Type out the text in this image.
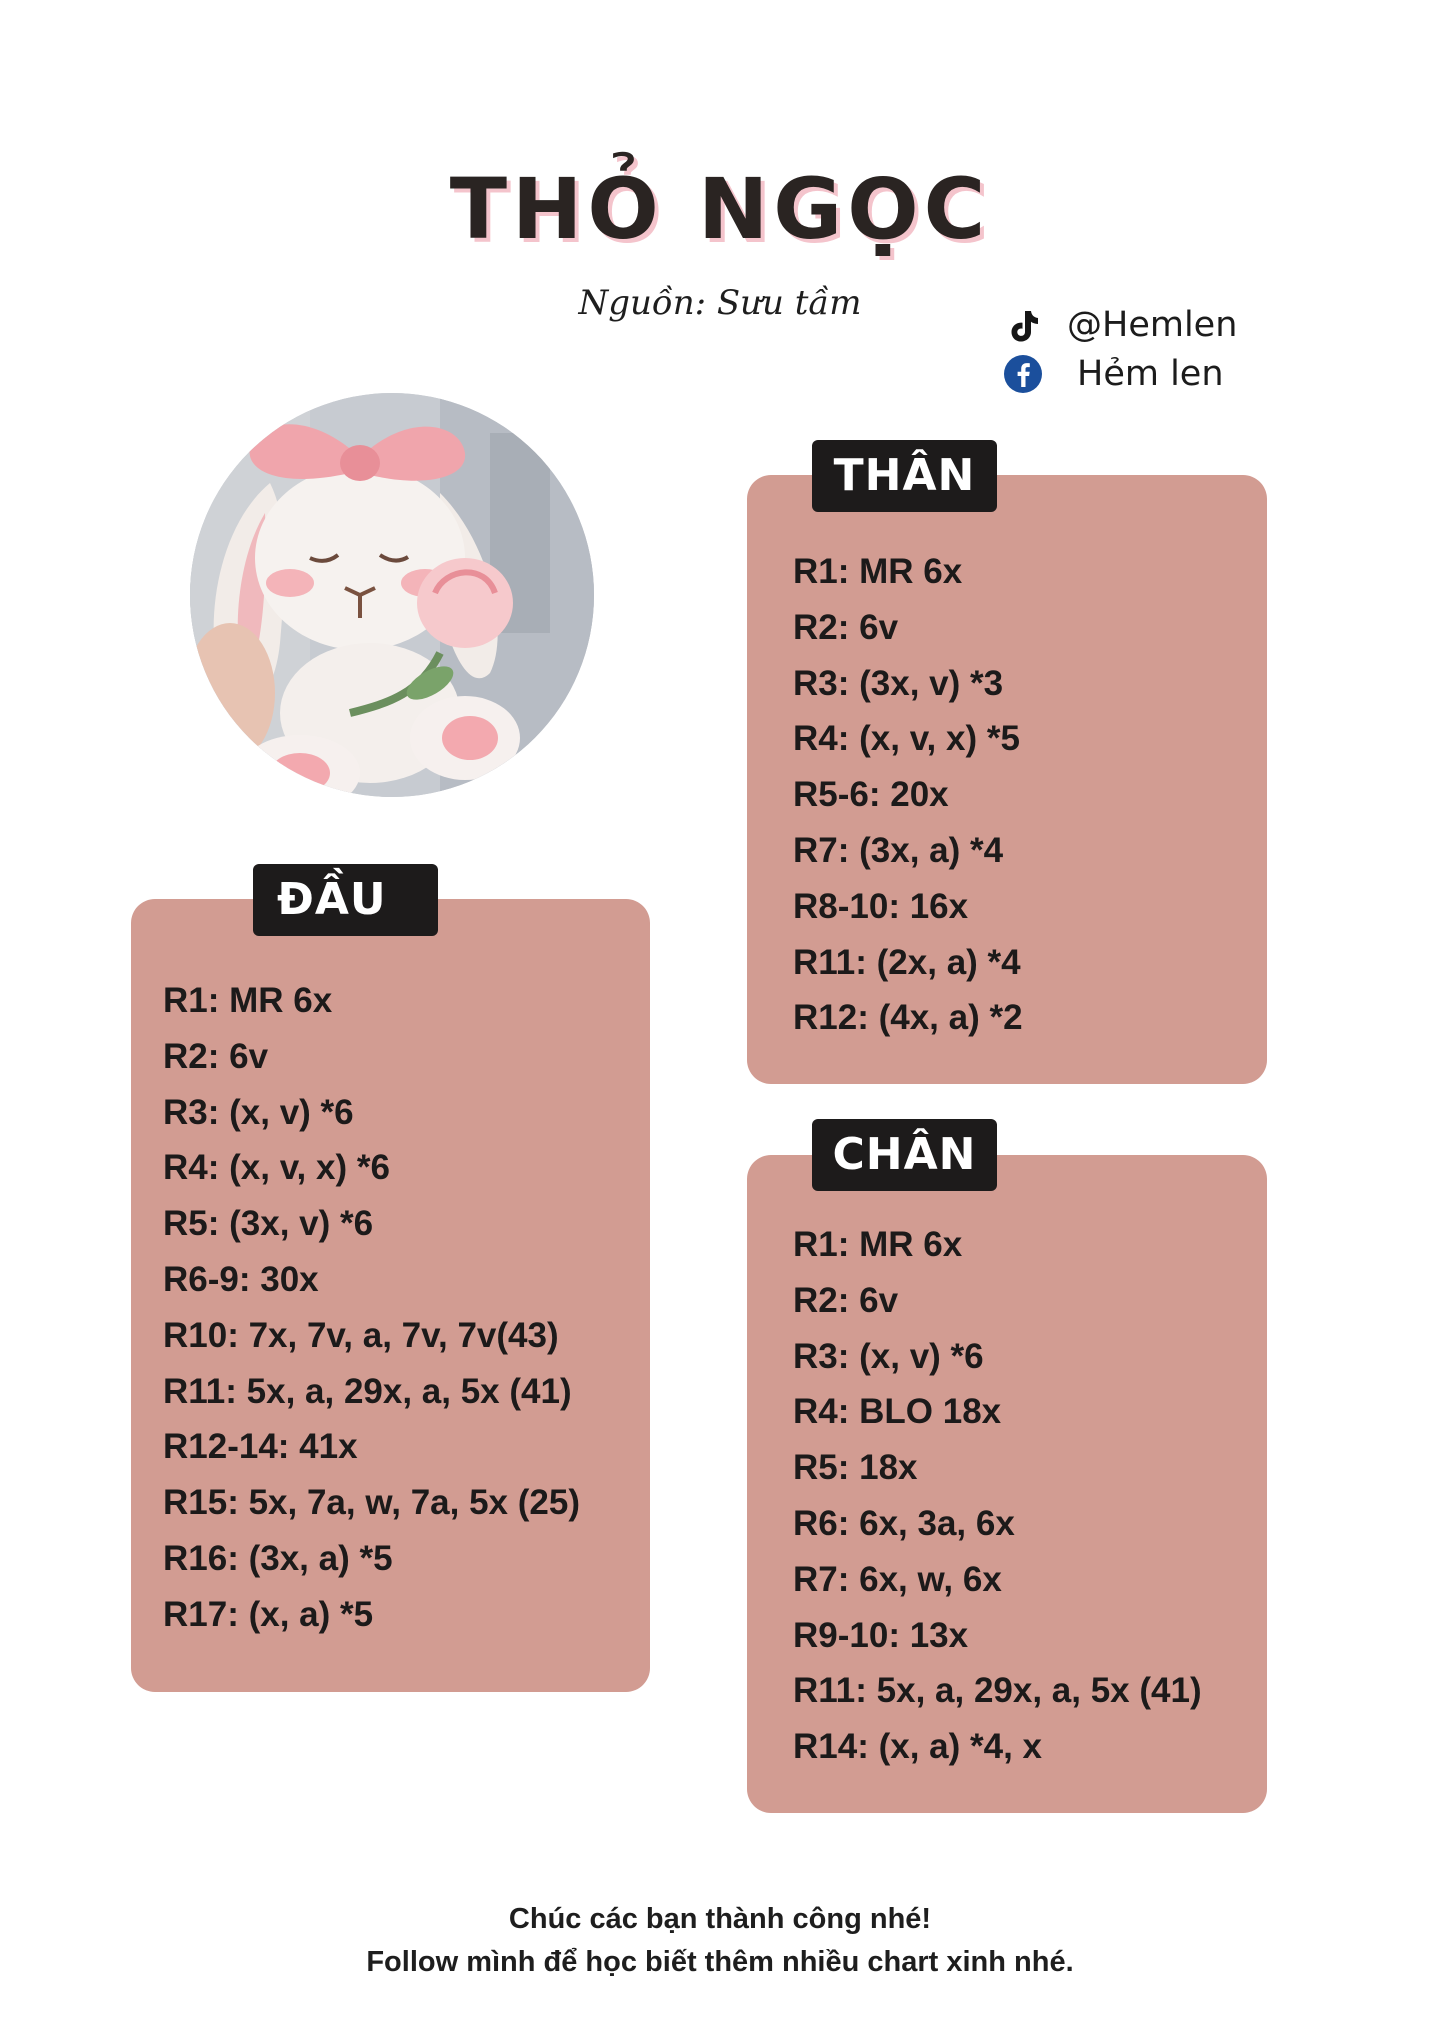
THỎ NGỌC

Nguồn: Sưu tầm

@Hemlen
Hẻm len
ĐẦU
R1: MR 6x
R2: 6v
R3: (x, v) *6
R4: (x, v, x) *6
R5: (3x, v) *6
R6-9: 30x
R10: 7x, 7v, a, 7v, 7v(43)
R11: 5x, a, 29x, a, 5x (41)
R12-14: 41x
R15: 5x, 7a, w, 7a, 5x (25)
R16: (3x, a) *5
R17: (x, a) *5
THÂN
R1: MR 6x
R2: 6v
R3: (3x, v) *3
R4: (x, v, x) *5
R5-6: 20x
R7: (3x, a) *4
R8-10: 16x
R11: (2x, a) *4
R12: (4x, a) *2
CHÂN
R1: MR 6x
R2: 6v
R3: (x, v) *6
R4: BLO 18x
R5: 18x
R6: 6x, 3a, 6x
R7: 6x, w, 6x
R9-10: 13x
R11: 5x, a, 29x, a, 5x (41)
R14: (x, a) *4, x

Chúc các bạn thành công nhé!

Follow mình để học biết thêm nhiều chart xinh nhé.
